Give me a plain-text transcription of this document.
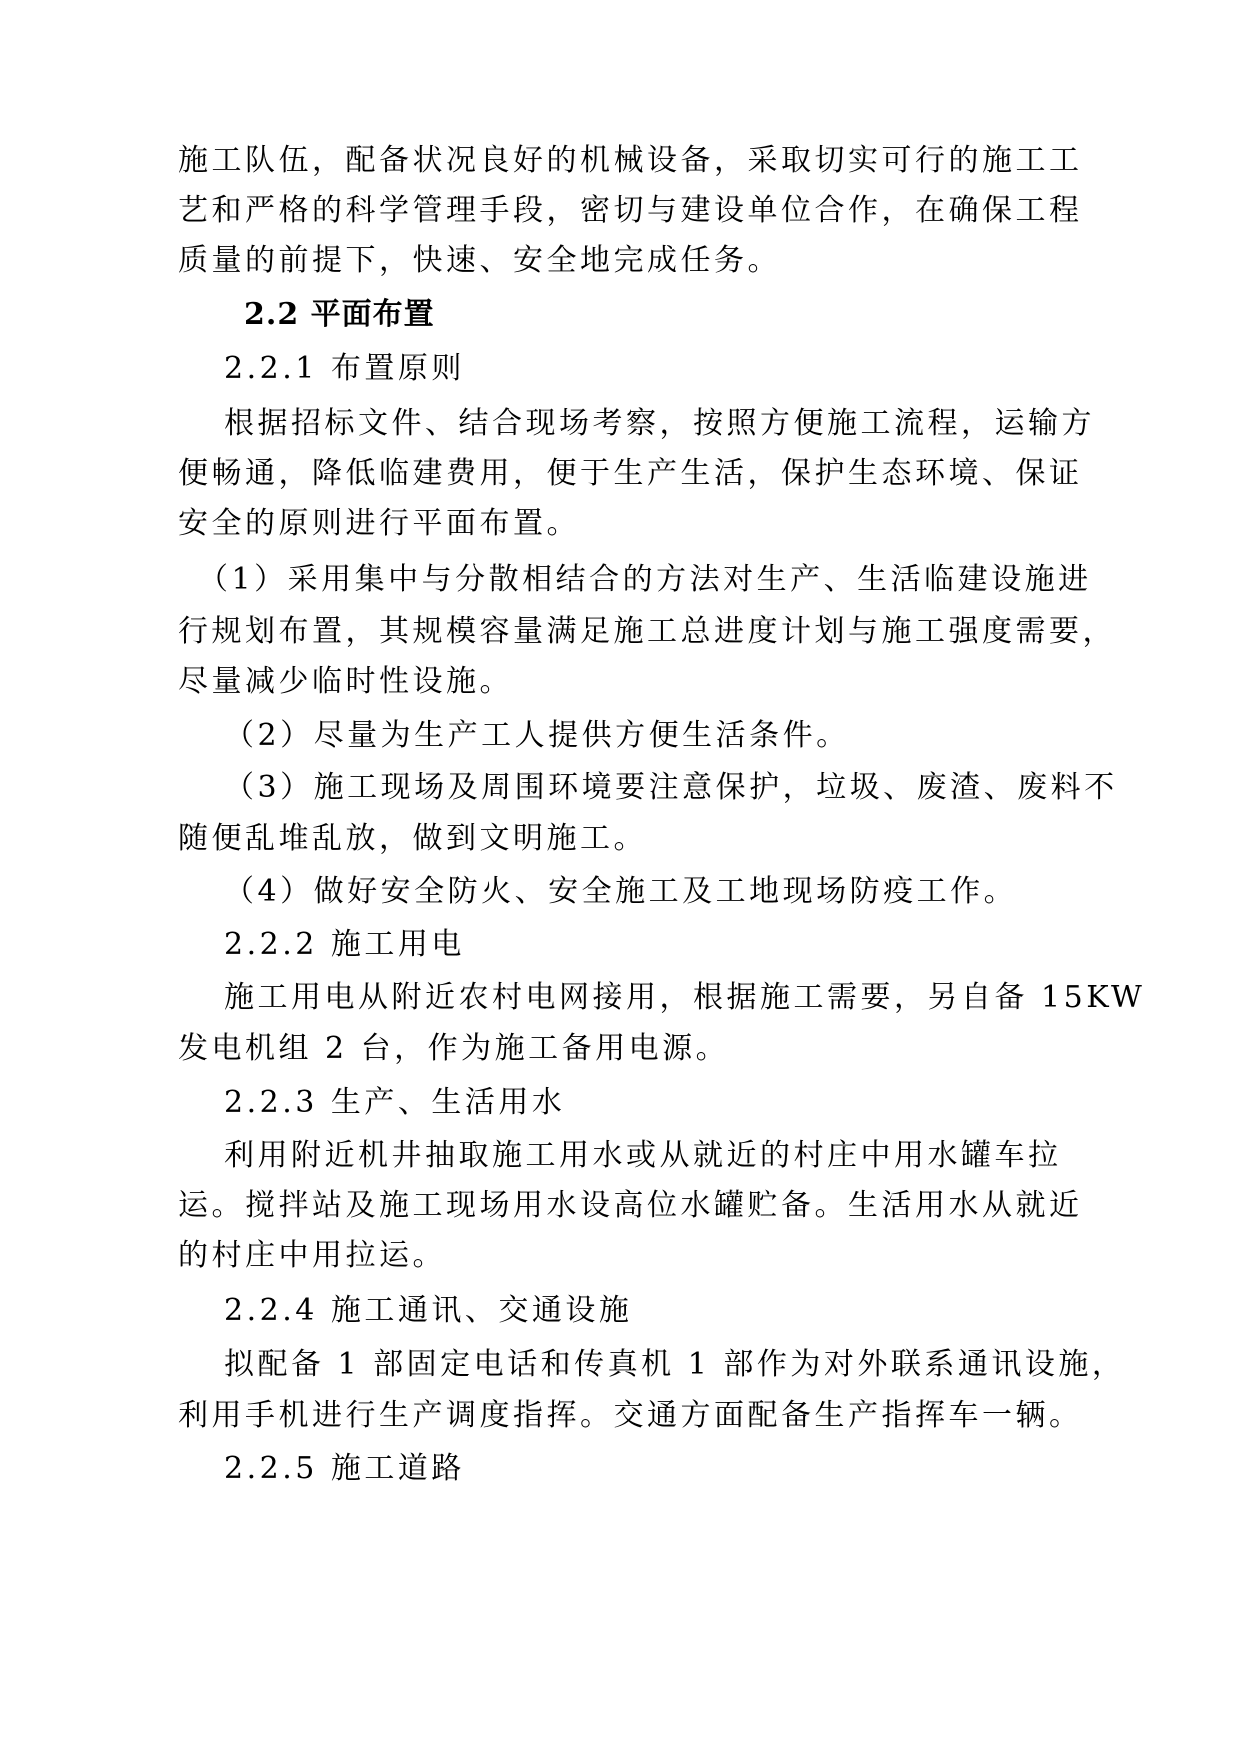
施工队伍，配备状况良好的机械设备，采取切实可行的施工工
艺和严格的科学管理手段，密切与建设单位合作，在确保工程
质量的前提下，快速、安全地完成任务。
2.2 平面布置
2.2.1 布置原则
根据招标文件、结合现场考察，按照方便施工流程，运输方
便畅通，降低临建费用，便于生产生活，保护生态环境、保证
安全的原则进行平面布置。
（1）采用集中与分散相结合的方法对生产、生活临建设施进
行规划布置，其规模容量满足施工总进度计划与施工强度需要，
尽量减少临时性设施。
（2）尽量为生产工人提供方便生活条件。
（3）施工现场及周围环境要注意保护，垃圾、废渣、废料不
随便乱堆乱放，做到文明施工。
（4）做好安全防火、安全施工及工地现场防疫工作。
2.2.2 施工用电
施工用电从附近农村电网接用，根据施工需要，另自备 15KW
发电机组 2 台，作为施工备用电源。
2.2.3 生产、生活用水
利用附近机井抽取施工用水或从就近的村庄中用水罐车拉
运。搅拌站及施工现场用水设高位水罐贮备。生活用水从就近
的村庄中用拉运。
2.2.4 施工通讯、交通设施
拟配备 1 部固定电话和传真机 1 部作为对外联系通讯设施，
利用手机进行生产调度指挥。交通方面配备生产指挥车一辆。
2.2.5 施工道路
